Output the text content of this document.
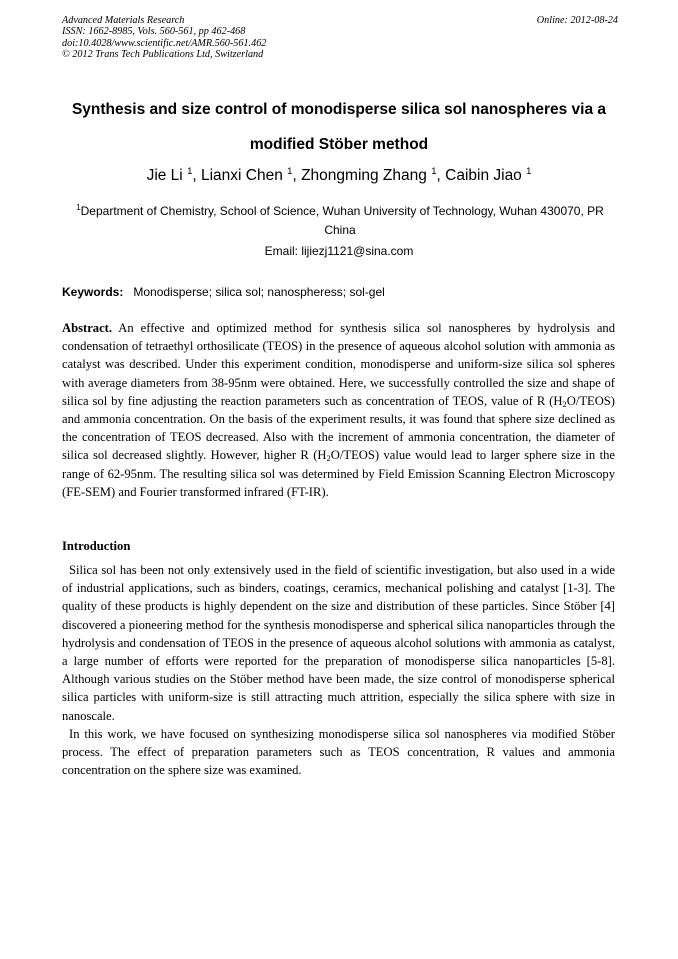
Advanced Materials Research
ISSN: 1662-8985, Vols. 560-561, pp 462-468
doi:10.4028/www.scientific.net/AMR.560-561.462
© 2012 Trans Tech Publications Ltd, Switzerland
Online: 2012-08-24
Synthesis and size control of monodisperse silica sol nanospheres via a
modified Stöber method
Jie Li $^1$, Lianxi Chen $^1$, Zhongming Zhang $^1$, Caibin Jiao $^1$
$^1$Department of Chemistry, School of Science, Wuhan University of Technology, Wuhan 430070, PR
China
Email: lijiezj1121@sina.com
Keywords: Monodisperse; silica sol; nanospheress; sol-gel
Abstract. An effective and optimized method for synthesis silica sol nanospheres by hydrolysis and condensation of tetraethyl orthosilicate (TEOS) in the presence of aqueous alcohol solution with ammonia as catalyst was described. Under this experiment condition, monodisperse and uniform-size silica sol spheres with average diameters from 38-95nm were obtained. Here, we successfully controlled the size and shape of silica sol by fine adjusting the reaction parameters such as concentration of TEOS, value of R $(H_2O/TEOS)$ and ammonia concentration. On the basis of the experiment results, it was found that sphere size declined as the concentration of TEOS decreased. Also with the increment of ammonia concentration, the diameter of silica sol decreased slightly. However, higher R $(H_2O/TEOS)$ value would lead to larger sphere size in the range of 62-95nm. The resulting silica sol was determined by Field Emission Scanning Electron Microscopy (FE-SEM) and Fourier transformed infrared (FT-IR).
Introduction

Silica sol has been not only extensively used in the field of scientific investigation, but also used in a wide of industrial applications, such as binders, coatings, ceramics, mechanical polishing and catalyst [1-3]. The quality of these products is highly dependent on the size and distribution of these particles. Since Stöber [4] discovered a pioneering method for the synthesis monodisperse and spherical silica nanoparticles through the hydrolysis and condensation of TEOS in the presence of aqueous alcohol solutions with ammonia as catalyst, a large number of efforts were reported for the preparation of monodisperse silica nanoparticles [5-8]. Although various studies on the Stöber method have been made, the size control of monodisperse spherical silica particles with uniform-size is still attracting much attrition, especially the silica sphere with size in nanoscale.

In this work, we have focused on synthesizing monodisperse silica sol nanospheres via modified Stöber process. The effect of preparation parameters such as TEOS concentration, R values and ammonia concentration on the sphere size was examined.
